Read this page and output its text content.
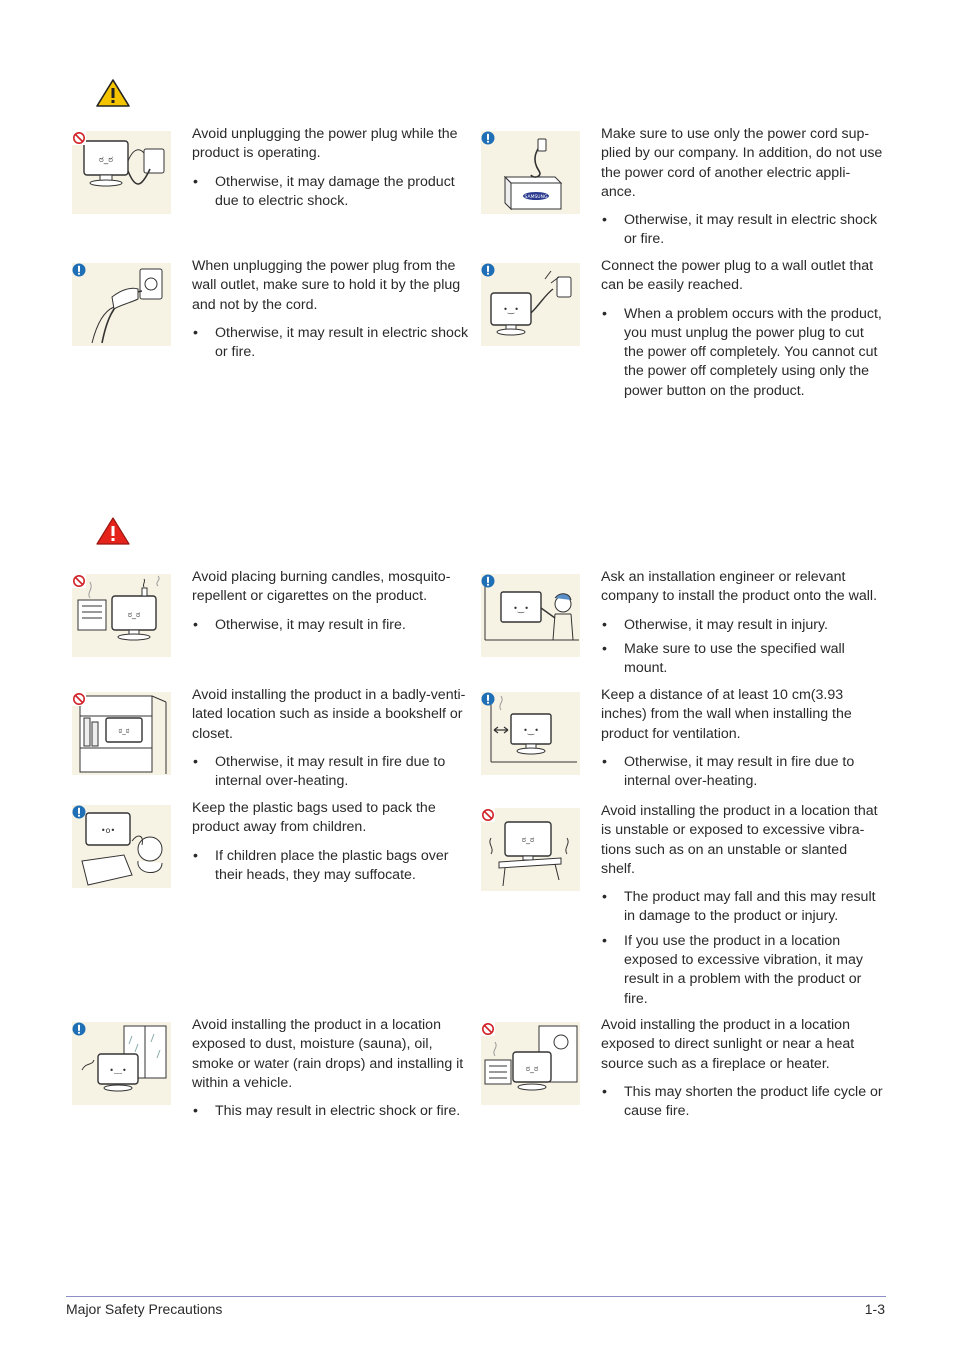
ಠ_ಠ

Avoid unplugging the power plug while the product is operating.

• Otherwise, it may damage the product due to electric shock.	SAMSUNG

Make sure to use only the power cord sup-plied by our company. In addition, do not use the power cord of another electric appli-ance.

• Otherwise, it may result in electric shock or fire.

When unplugging the power plug from the wall outlet, make sure to hold it by the plug and not by the cord.

• Otherwise, it may result in electric shock or fire.
•‿•

Connect the power plug to a wall outlet that can be easily reached.

• When a problem occurs with the product, you must unplug the power plug to cut the power off completely. You cannot cut the power off completely using only the power button on the product.
ಠ_ಠ

Avoid placing burning candles, mosquito-repellent or cigarettes on the product.

• Otherwise, it may result in fire.
•‿•

Ask an installation engineer or relevant company to install the product onto the wall.

• Otherwise, it may result in injury.
• Make sure to use the specified wall mount.
ಠ_ಠ

Avoid installing the product in a badly-venti-lated location such as inside a bookshelf or closet.

• Otherwise, it may result in fire due to internal over-heating.
•‿•

Keep a distance of at least 10 cm(3.93 inches) from the wall when installing the product for ventilation.

• Otherwise, it may result in fire due to internal over-heating.
•o•

Keep the plastic bags used to pack the product away from children.

• If children place the plastic bags over their heads, they may suffocate.
ಠ_ಠ

Avoid installing the product in a location that is unstable or exposed to excessive vibra-tions such as on an unstable or slanted shelf.

• The product may fall and this may result in damage to the product or injury.
• If you use the product in a location exposed to excessive vibration, it may result in a problem with the product or fire.
•﹏•

Avoid installing the product in a location exposed to dust, moisture (sauna), oil, smoke or water (rain drops) and installing it within a vehicle.

• This may result in electric shock or fire.
ಠ_ಠ

Avoid installing the product in a location exposed to direct sunlight or near a heat source such as a fireplace or heater.

• This may shorten the product life cycle or cause fire.
Major Safety Precautions	1-3
